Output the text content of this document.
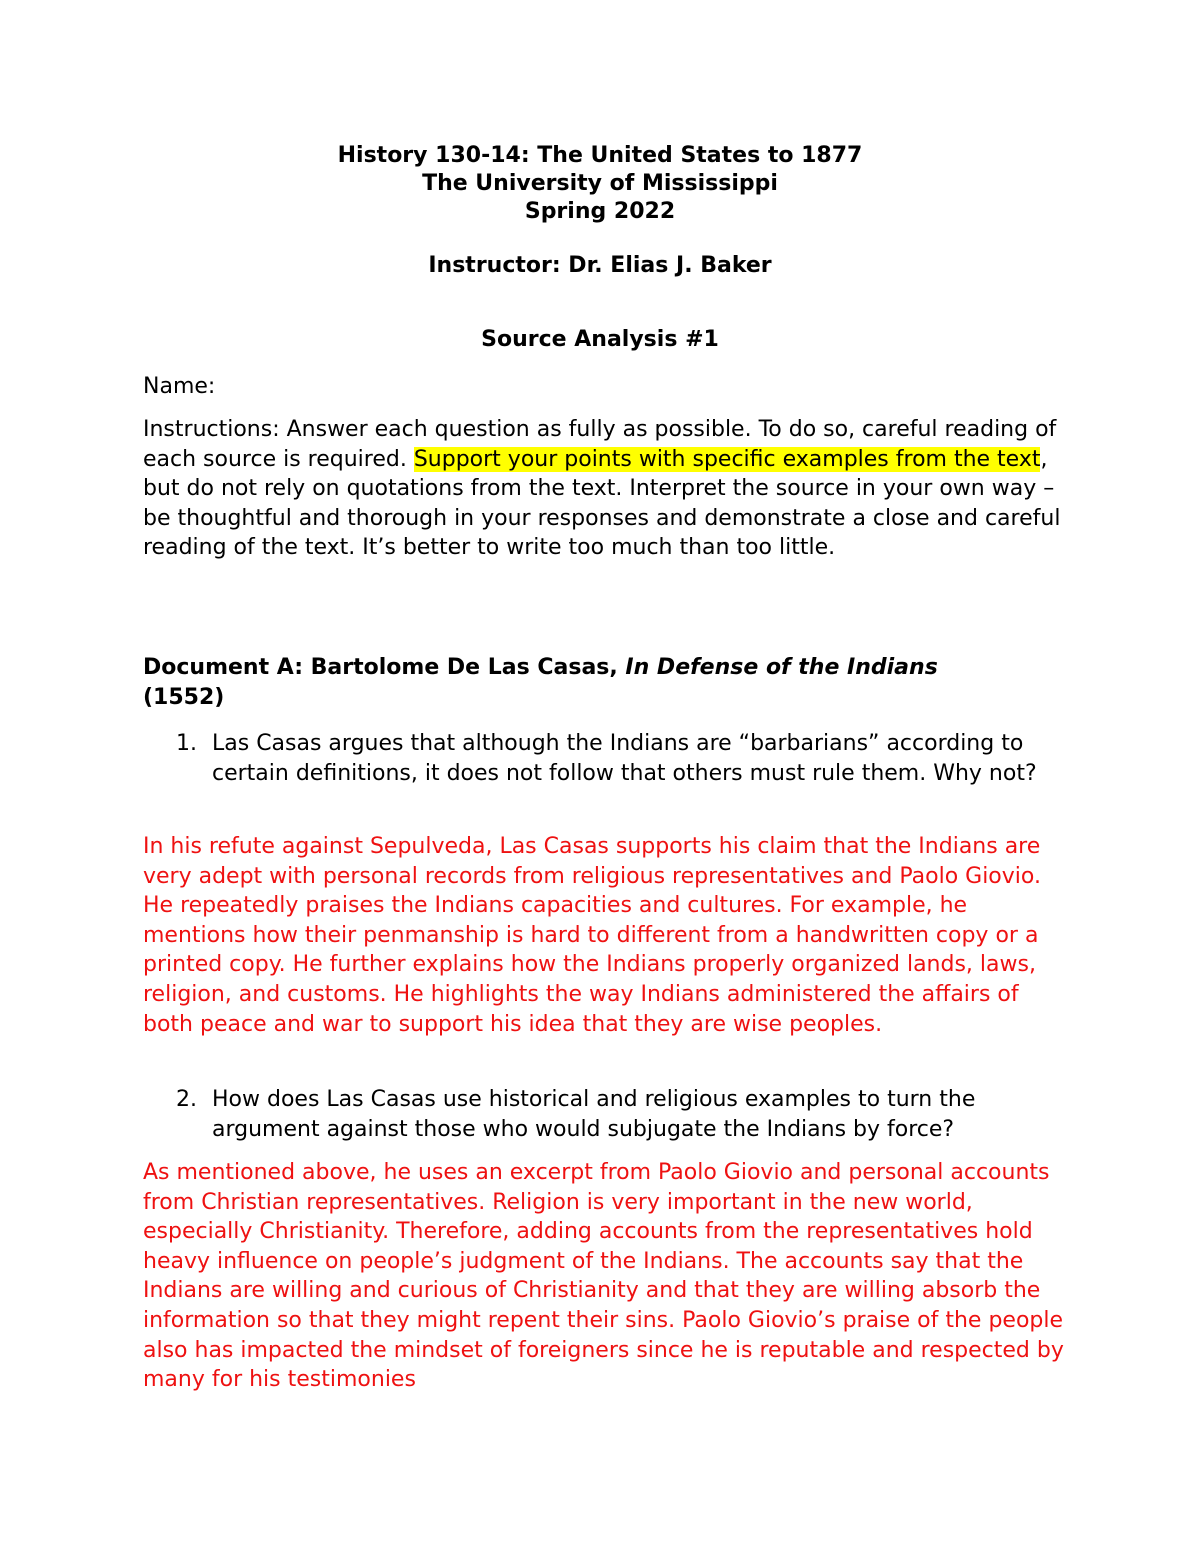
History 130-14: The United States to 1877
The University of Mississippi
Spring 2022
Instructor: Dr. Elias J. Baker
Source Analysis #1
Name:
Instructions: Answer each question as fully as possible. To do so, careful reading of each source is required. Support your points with specific examples from the text, but do not rely on quotations from the text. Interpret the source in your own way – be thoughtful and thorough in your responses and demonstrate a close and careful reading of the text. It’s better to write too much than too little.
Document A: Bartolome De Las Casas, In Defense of the Indians
(1552)
1. Las Casas argues that although the Indians are “barbarians” according to certain definitions, it does not follow that others must rule them. Why not?
In his refute against Sepulveda, Las Casas supports his claim that the Indians are very adept with personal records from religious representatives and Paolo Giovio. He repeatedly praises the Indians capacities and cultures. For example, he mentions how their penmanship is hard to different from a handwritten copy or a printed copy. He further explains how the Indians properly organized lands, laws, religion, and customs. He highlights the way Indians administered the affairs of both peace and war to support his idea that they are wise peoples.
2. How does Las Casas use historical and religious examples to turn the argument against those who would subjugate the Indians by force?
As mentioned above, he uses an excerpt from Paolo Giovio and personal accounts from Christian representatives. Religion is very important in the new world, especially Christianity. Therefore, adding accounts from the representatives hold heavy influence on people’s judgment of the Indians. The accounts say that the Indians are willing and curious of Christianity and that they are willing absorb the information so that they might repent their sins. Paolo Giovio’s praise of the people also has impacted the mindset of foreigners since he is reputable and respected by many for his testimonies
